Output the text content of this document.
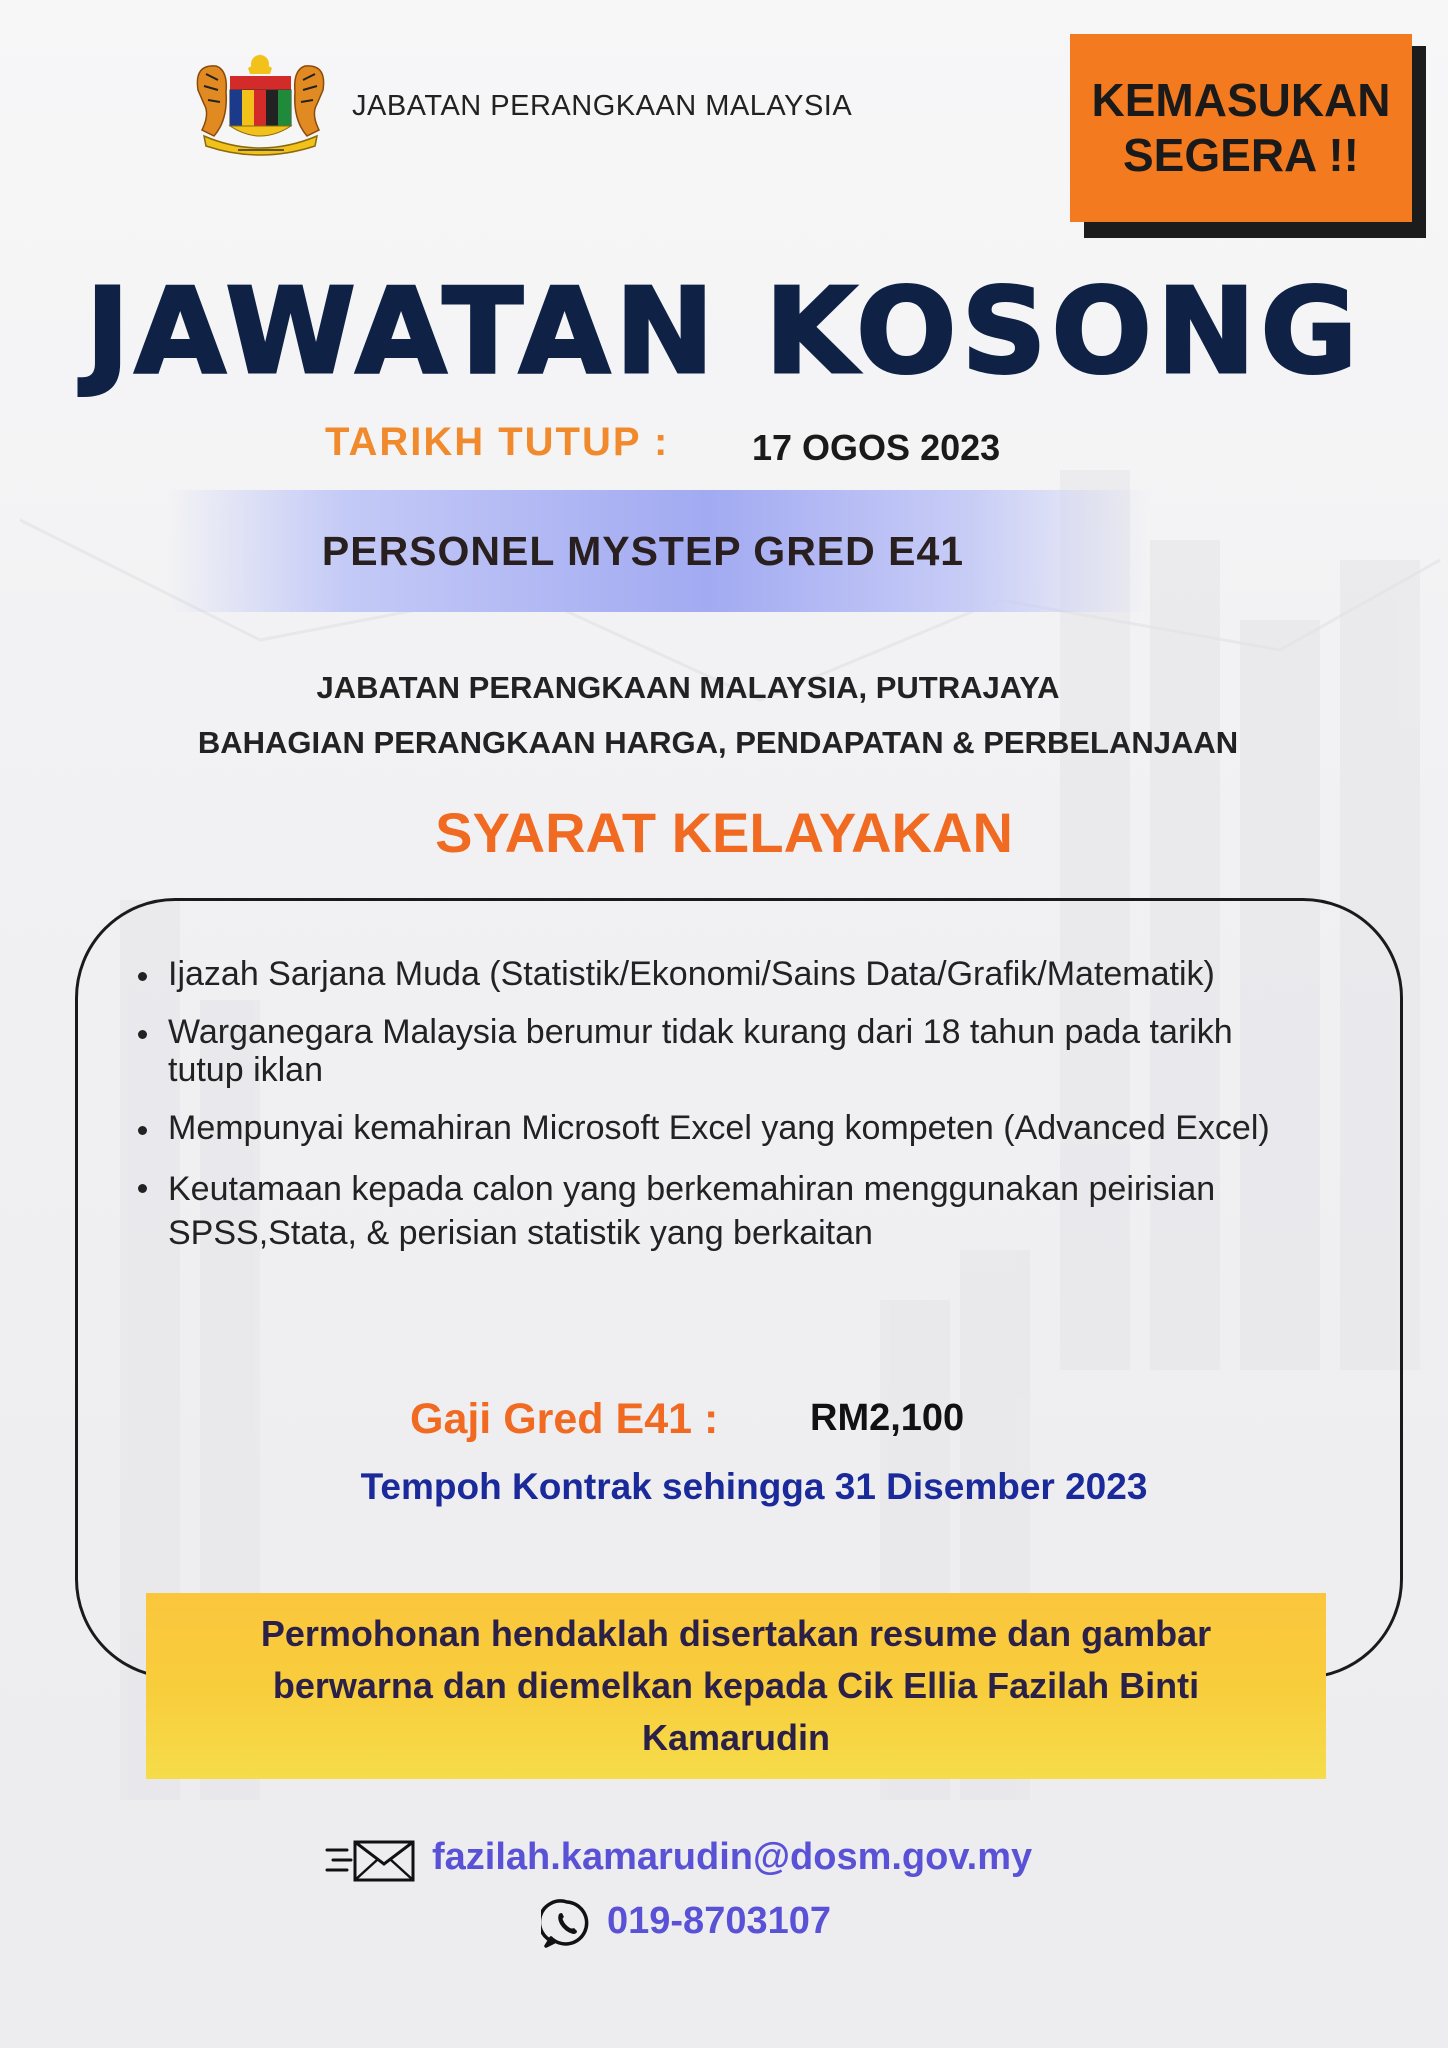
JABATAN PERANGKAAN MALAYSIA	KEMASUKAN
SEGERA !!
JAWATAN KOSONG
TARIKH TUTUP : 17 OGOS 2023
PERSONEL MYSTEP GRED E41
JABATAN PERANGKAAN MALAYSIA, PUTRAJAYA
BAHAGIAN PERANGKAAN HARGA, PENDAPATAN & PERBELANJAAN
SYARAT KELAYAKAN
Ijazah Sarjana Muda (Statistik/Ekonomi/Sains Data/Grafik/Matematik)
Warganegara Malaysia berumur tidak kurang dari 18 tahun pada tarikh tutup iklan
Mempunyai kemahiran Microsoft Excel yang kompeten (Advanced Excel)
Keutamaan kepada calon yang berkemahiran menggunakan peirisian SPSS,Stata, & perisian statistik yang berkaitan
Gaji Gred E41 : RM2,100
Tempoh Kontrak sehingga 31 Disember 2023
Permohonan hendaklah disertakan resume dan gambar berwarna dan diemelkan kepada Cik Ellia Fazilah Binti Kamarudin
fazilah.kamarudin@dosm.gov.my
019-8703107
